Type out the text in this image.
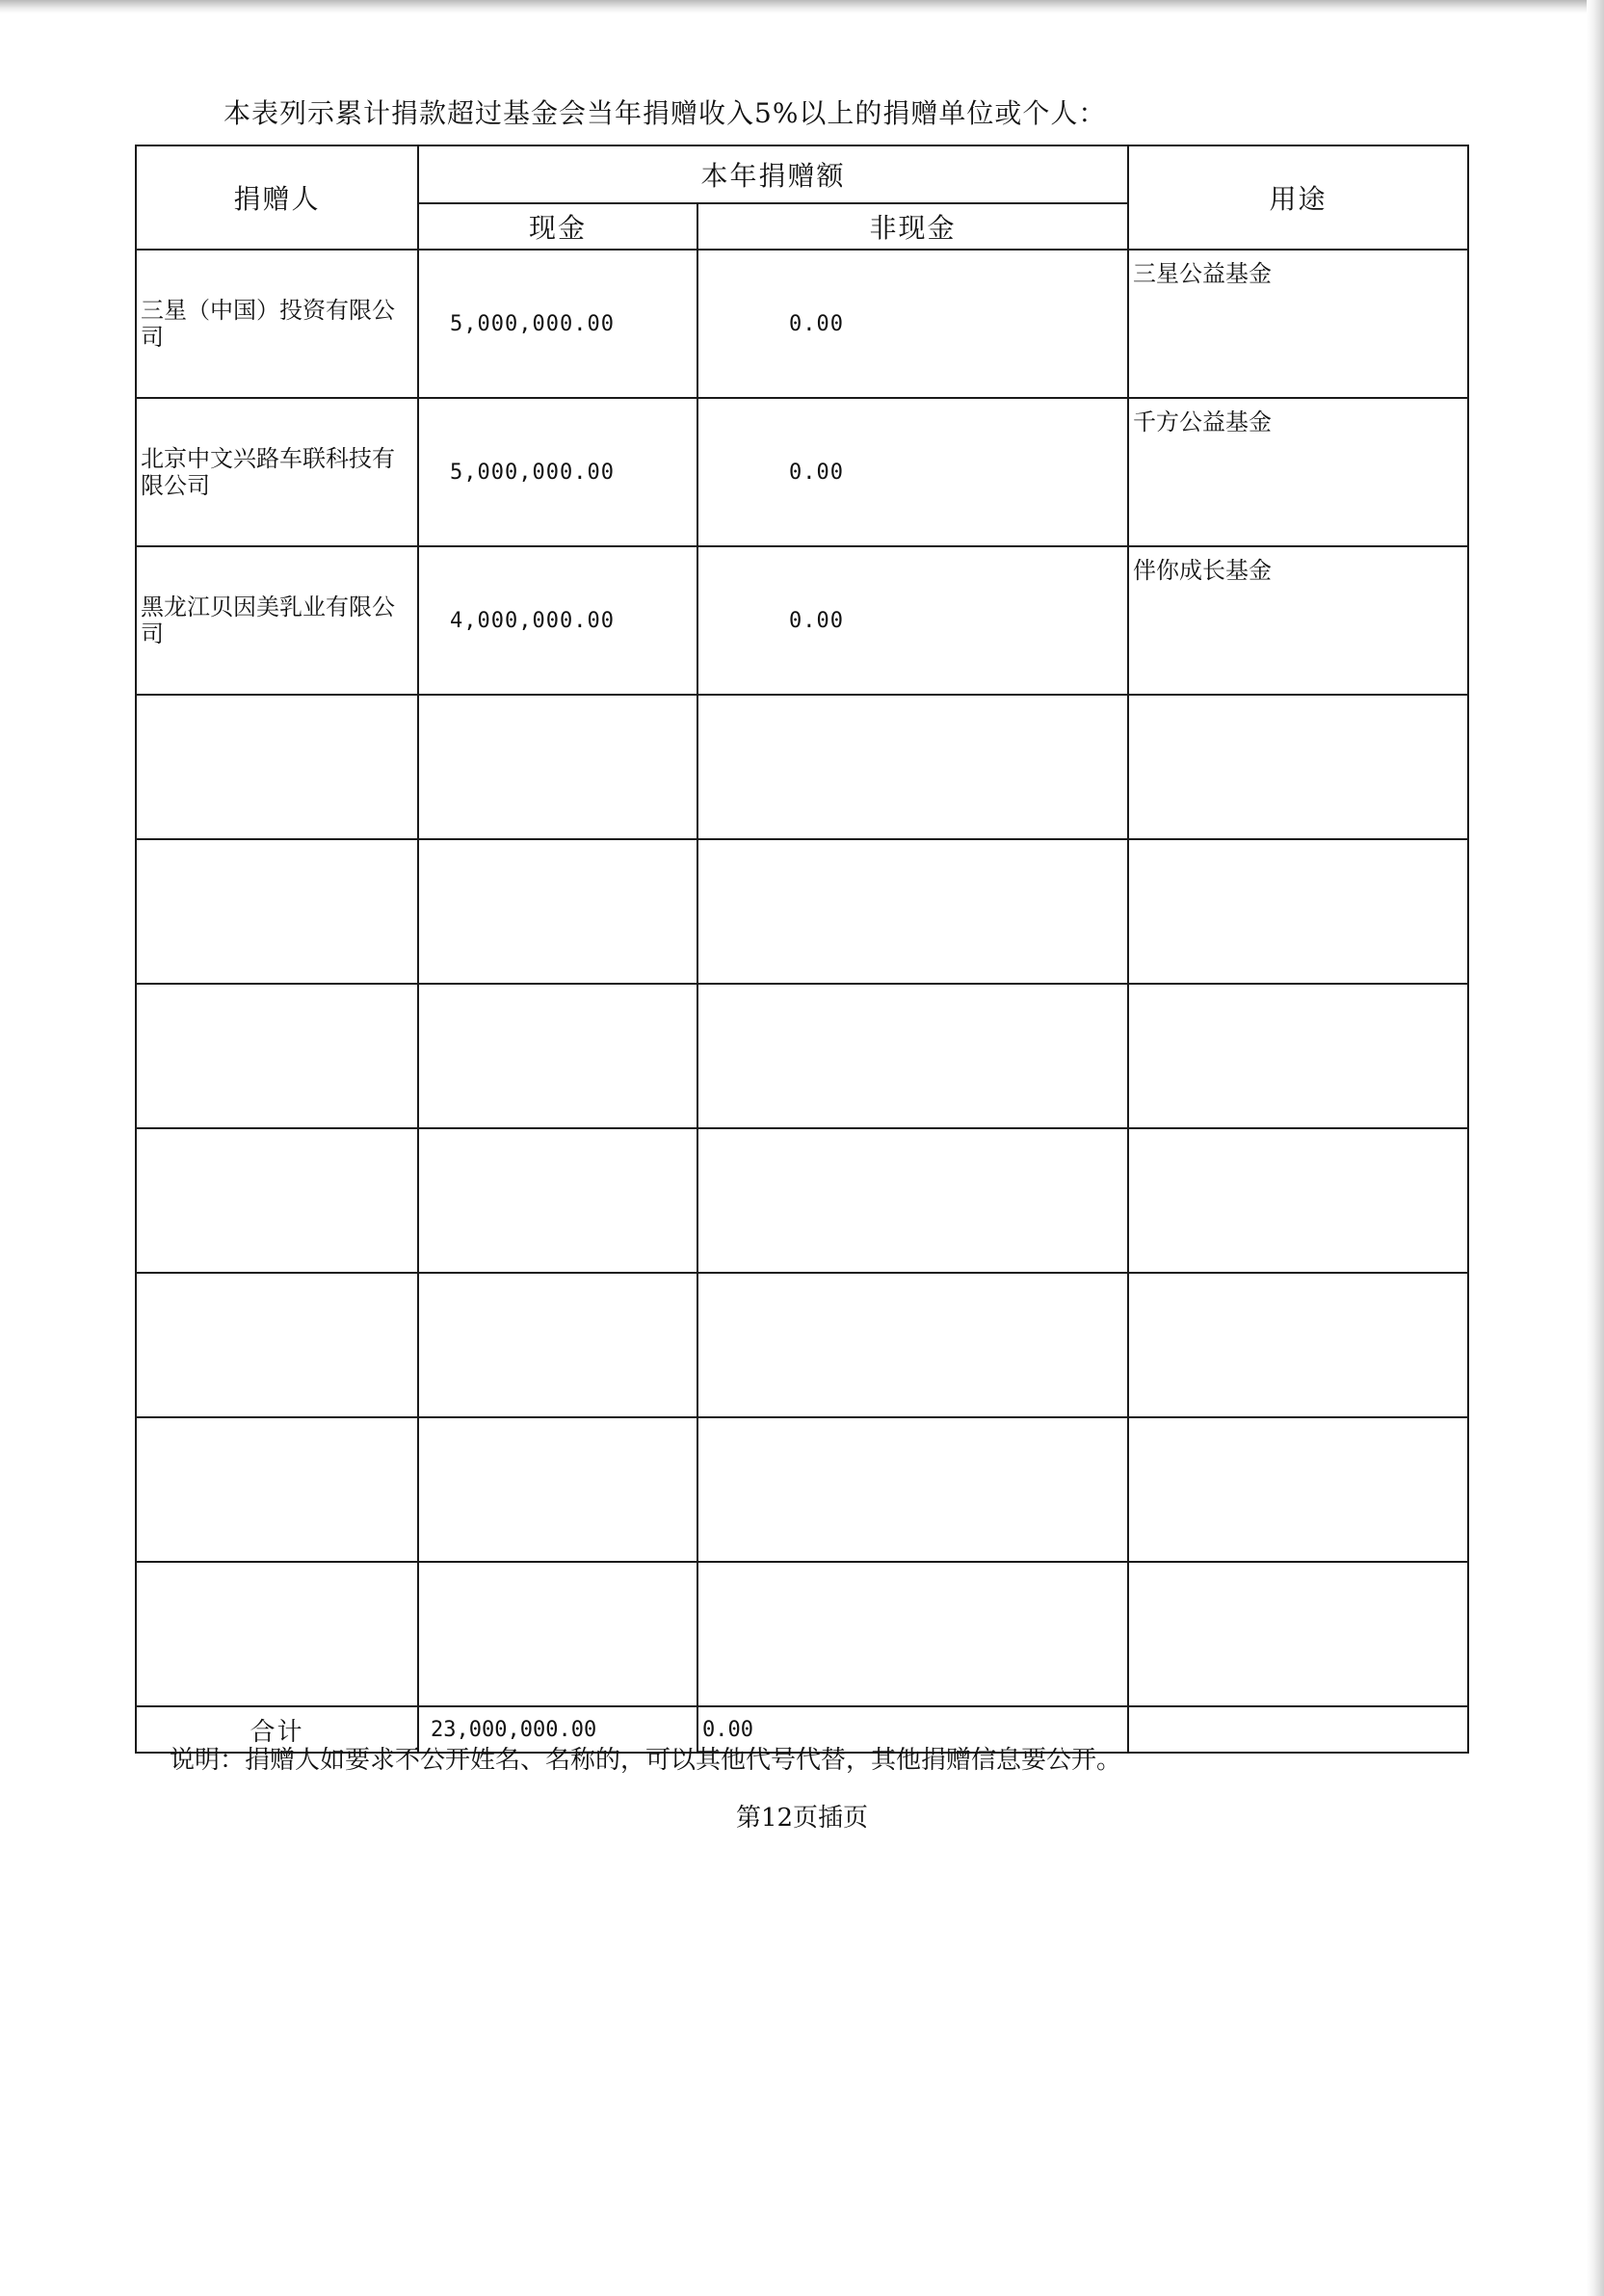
本表列示累计捐款超过基金会当年捐赠收入5%以上的捐赠单位或个人：
捐赠人	本年捐赠额		用途
	现金	非现金	
三星（中国）投资有限公司	5,000,000.00	0.00	三星公益基金
北京中文兴路车联科技有限公司	5,000,000.00	0.00	千方公益基金
黑龙江贝因美乳业有限公司	4,000,000.00	0.00	伴你成长基金

合计	23,000,000.00	0.00	
说明：捐赠人如要求不公开姓名、名称的，可以其他代号代替，其他捐赠信息要公开。
第12页插页
